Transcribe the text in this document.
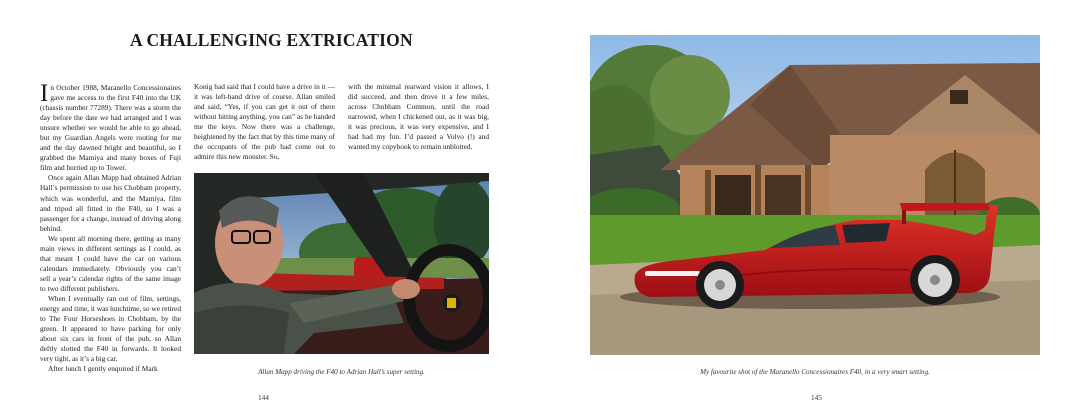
A CHALLENGING EXTRICATION

In October 1988, Maranello Concessionaires gave me access to the first F40 into the UK (chassis number 77289). There was a storm the day before the date we had arranged and I was unsure whether we would be able to go ahead, but my Guardian Angels were rooting for me and the day dawned bright and beautiful, so I grabbed the Mamiya and many boxes of Fuji film and hurried up to Tower.

Once again Allan Mapp had obtained Adrian Hall’s permission to use his Chobham property, which was wonderful, and the Mamiya, film and tripod all fitted in the F40, so I was a passenger for a change, instead of driving along behind.

We spent all morning there, getting as many main views in different settings as I could, as that meant I could have the car on various calendars immediately. Obviously you can’t sell a year’s calendar rights of the same image to two different publishers.

When I eventually ran out of film, settings, energy and time, it was lunchtime, so we retired to The Four Horseshoes in Chobham, by the green. It appeared to have parking for only about six cars in front of the pub, so Allan deftly slotted the F40 in forwards. It looked very tight, as it’s a big car.

After lunch I gently enquired if Mark

Konig had said that I could have a drive in it — it was left-hand drive of course. Allan smiled and said, “Yes, if you can get it out of there without hitting anything, you can” as he handed me the keys. Now there was a challenge, heightened by the fact that by this time many of the occupants of the pub had come out to admire this new monster. So,

with the minimal rearward vision it allows, I did succeed, and then drove it a few miles, across Chobham Common, until the road narrowed, when I chickened out, as it was big, it was precious, it was very expensive, and I had had my fun. I’d passed a Volvo (!) and wanted my copybook to remain unblotted.

Allan Mapp driving the F40 to Adrian Hall’s super setting.	My favourite shot of the Maranello Concessionaires F40, in a very smart setting.
144	145
